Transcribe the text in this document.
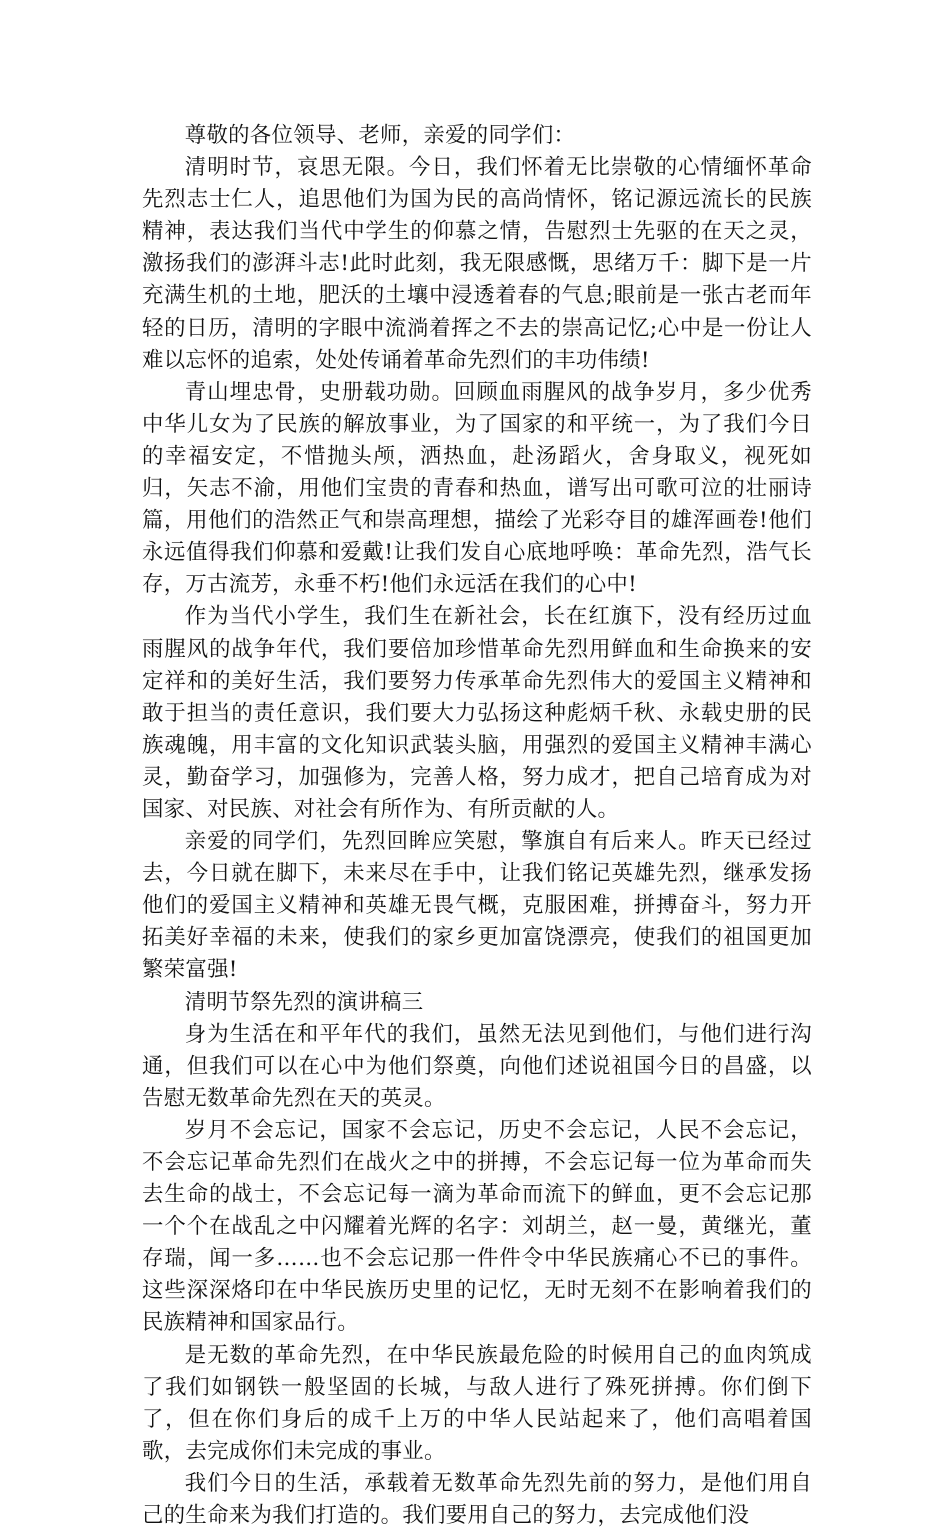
尊敬的各位领导、老师，亲爱的同学们：

清明时节，哀思无限。今日，我们怀着无比崇敬的心情缅怀革命先烈志士仁人，追思他们为国为民的高尚情怀，铭记源远流长的民族精神，表达我们当代中学生的仰慕之情，告慰烈士先驱的在天之灵，激扬我们的澎湃斗志!此时此刻，我无限感慨，思绪万千：脚下是一片充满生机的土地，肥沃的土壤中浸透着春的气息;眼前是一张古老而年轻的日历，清明的字眼中流淌着挥之不去的崇高记忆;心中是一份让人难以忘怀的追索，处处传诵着革命先烈们的丰功伟绩!

青山埋忠骨，史册载功勋。回顾血雨腥风的战争岁月，多少优秀中华儿女为了民族的解放事业，为了国家的和平统一，为了我们今日的幸福安定，不惜抛头颅，洒热血，赴汤蹈火，舍身取义，视死如归，矢志不渝，用他们宝贵的青春和热血，谱写出可歌可泣的壮丽诗篇，用他们的浩然正气和崇高理想，描绘了光彩夺目的雄浑画卷!他们永远值得我们仰慕和爱戴!让我们发自心底地呼唤：革命先烈，浩气长存，万古流芳，永垂不朽!他们永远活在我们的心中!

作为当代小学生，我们生在新社会，长在红旗下，没有经历过血雨腥风的战争年代，我们要倍加珍惜革命先烈用鲜血和生命换来的安定祥和的美好生活，我们要努力传承革命先烈伟大的爱国主义精神和敢于担当的责任意识，我们要大力弘扬这种彪炳千秋、永载史册的民族魂魄，用丰富的文化知识武装头脑，用强烈的爱国主义精神丰满心灵，勤奋学习，加强修为，完善人格，努力成才，把自己培育成为对国家、对民族、对社会有所作为、有所贡献的人。

亲爱的同学们，先烈回眸应笑慰，擎旗自有后来人。昨天已经过去，今日就在脚下，未来尽在手中，让我们铭记英雄先烈，继承发扬他们的爱国主义精神和英雄无畏气概，克服困难，拼搏奋斗，努力开拓美好幸福的未来，使我们的家乡更加富饶漂亮，使我们的祖国更加繁荣富强!

清明节祭先烈的演讲稿三

身为生活在和平年代的我们，虽然无法见到他们，与他们进行沟通，但我们可以在心中为他们祭奠，向他们述说祖国今日的昌盛，以告慰无数革命先烈在天的英灵。

岁月不会忘记，国家不会忘记，历史不会忘记，人民不会忘记，不会忘记革命先烈们在战火之中的拼搏，不会忘记每一位为革命而失去生命的战士，不会忘记每一滴为革命而流下的鲜血，更不会忘记那一个个在战乱之中闪耀着光辉的名字：刘胡兰，赵一曼，黄继光，董存瑞，闻一多……也不会忘记那一件件令中华民族痛心不已的事件。这些深深烙印在中华民族历史里的记忆，无时无刻不在影响着我们的民族精神和国家品行。

是无数的革命先烈，在中华民族最危险的时候用自己的血肉筑成了我们如钢铁一般坚固的长城，与敌人进行了殊死拼搏。你们倒下了，但在你们身后的成千上万的中华人民站起来了，他们高唱着国歌，去完成你们未完成的事业。

我们今日的生活，承载着无数革命先烈先前的努力，是他们用自己的生命来为我们打造的。我们要用自己的努力，去完成他们没
